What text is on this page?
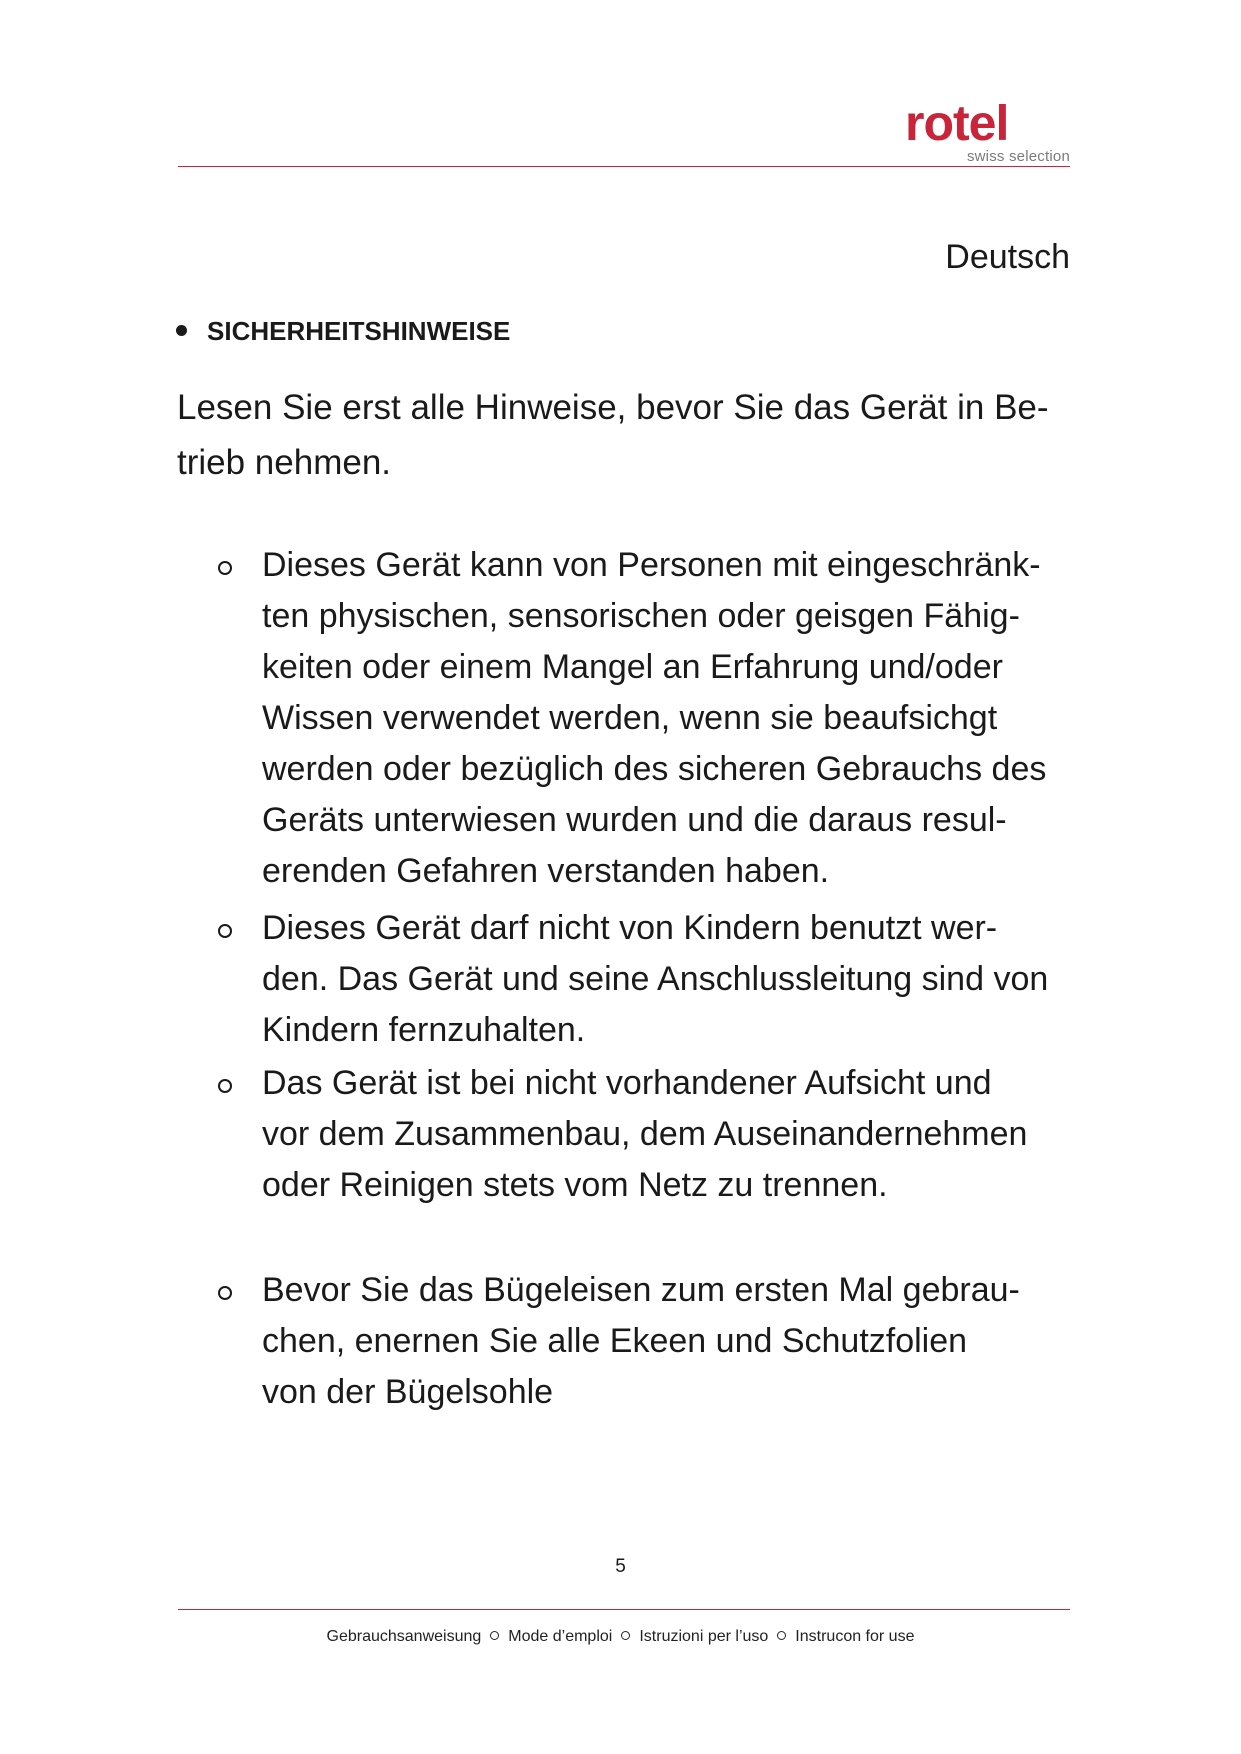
rotel
swiss selection
Deutsch
SICHERHEITSHINWEISE
Lesen Sie erst alle Hinweise, bevor Sie das Gerät in Be-
trieb nehmen.
Dieses Gerät kann von Personen mit eingeschränk-
ten physischen, sensorischen oder geisgen Fähig-
keiten oder einem Mangel an Erfahrung und/oder
Wissen verwendet werden, wenn sie beaufsichgt
werden oder bezüglich des sicheren Gebrauchs des
Geräts unterwiesen wurden und die daraus resul-
erenden Gefahren verstanden haben.
Dieses Gerät darf nicht von Kindern benutzt wer-
den. Das Gerät und seine Anschlussleitung sind von
Kindern fernzuhalten.
Das Gerät ist bei nicht vorhandener Aufsicht und
vor dem Zusammenbau, dem Auseinandernehmen
oder Reinigen stets vom Netz zu trennen.
Bevor Sie das Bügeleisen zum ersten Mal gebrau-
chen, enernen Sie alle Ekeen und Schutzfolien
von der Bügelsohle
5
Gebrauchsanweisung Mode d’emploi Istruzioni per l’uso Instrucon for use
